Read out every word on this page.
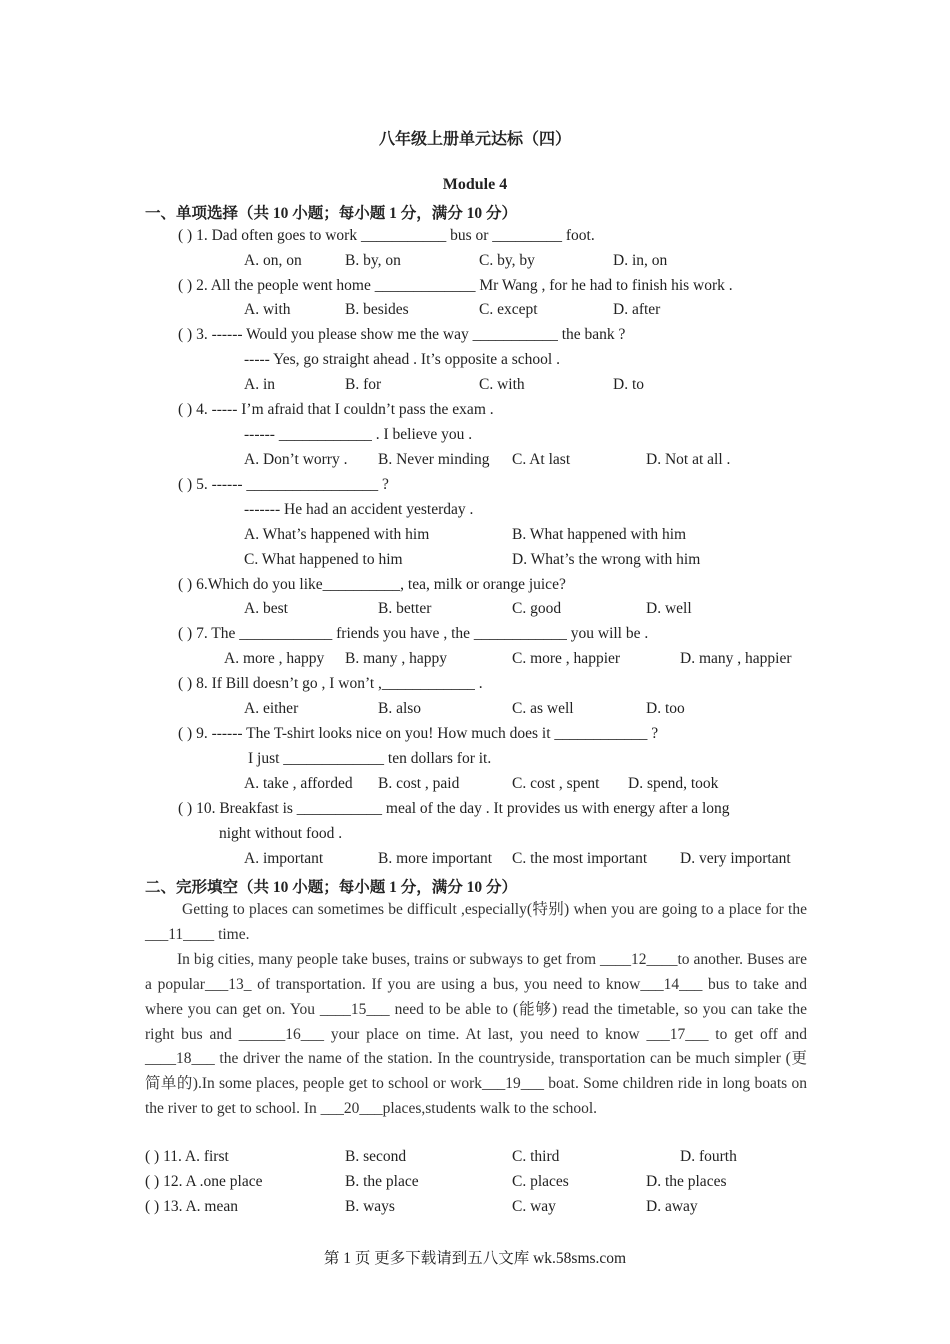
八年级上册单元达标（四）
Module 4
一、单项选择（共 10 小题；每小题 1 分，满分 10 分）
( ) 1. Dad often goes to work ___________ bus or _________ foot.
A. on, on	B. by, on	C. by, by	D. in, on
( ) 2. All the people went home _____________ Mr Wang , for he had to finish his work .
A. with	B. besides	C. except	D. after
( ) 3. ------ Would you please show me the way ___________ the bank ?
----- Yes, go straight ahead . It’s opposite a school .
A. in	B. for	C. with	D. to
( ) 4. ----- I’m afraid that I couldn’t pass the exam .
------ ____________ . I believe you .
A. Don’t worry . B. Never minding C. At last	D. Not at all .
( ) 5. ------ _________________ ?
------- He had an accident yesterday .
A. What’s happened with him	B. What happened with him
C. What happened to him	D. What’s the wrong with him
( ) 6.Which do you like__________, tea, milk or orange juice?
A. best	B. better	C. good	D. well
( ) 7. The ____________ friends you have , the ____________ you will be .
A. more , happy B. many , happy	C. more , happier	D. many , happier
( ) 8. If Bill doesn’t go , I won’t ,____________ .
A. either	B. also	C. as well	D. too
( ) 9. ------ The T-shirt looks nice on you! How much does it ____________ ?
I just _____________ ten dollars for it.
A. take , afforded B. cost , paid	C. cost , spent D. spend, took
( ) 10. Breakfast is ___________ meal of the day . It provides us with energy after a long
night without food .
A. important	B. more important C. the most important D. very important
二、完形填空（共 10 小题；每小题 1 分，满分 10 分）

Getting to places can sometimes be difficult ,especially(特别) when you are going to a place for the ___11____ time.

In big cities, many people take buses, trains or subways to get from ____12____to another. Buses are a popular___13_ of transportation. If you are using a bus, you need to know___14___ bus to take and where you can get on. You ____15___ need to be able to (能够) read the timetable, so you can take the right bus and ______16___ your place on time. At last, you need to know ___17___ to get off and ____18___ the driver the name of the station. In the countryside, transportation can be much simpler (更简单的).In some places, people get to school or work___19___ boat. Some children ride in long boats on the river to get to school. In ___20___places,students walk to the school.

( ) 11. A. first	B. second	C. third	D. fourth
( ) 12. A .one place	B. the place	C. places	D. the places
( ) 13. A. mean	B. ways	C. way	D. away
第 1 页 更多下载请到五八文库 wk.58sms.com
